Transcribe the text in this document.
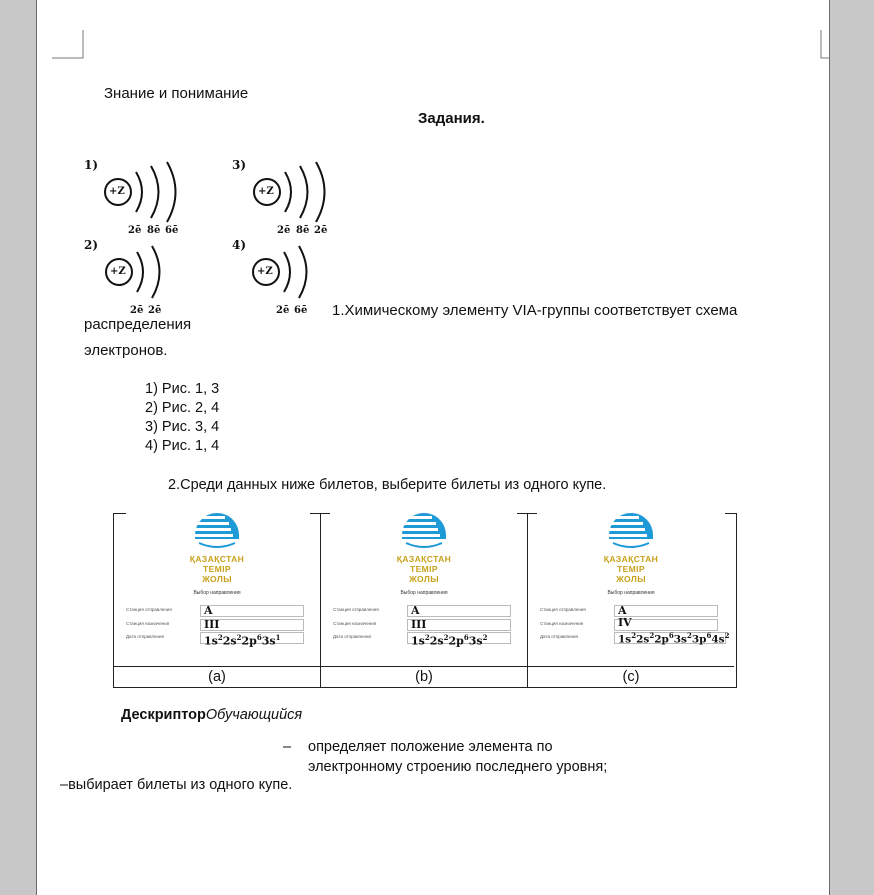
Знание и понимание
Задания.
1)
+Z
2ē 8ē 6ē
3)
+Z
2ē 8ē 2ē
2)
+Z
2ē 2ē
4)
+Z
2ē 6ē 1.Химическому элементу VIA-группы соответствует схема
распределения
электронов.
1) Рис. 1, 3
2) Рис. 2, 4
3) Рис. 3, 4
4) Рис. 1, 4
2.Среди данных ниже билетов, выберите билеты из одного купе.
ҚАЗАҚСТАН
ТЕМІР
ЖОЛЫ
Выбор направления
Станция отправления
Станция назначения
Дата отправления
A
III
$1s^22s^22p^63s^1$
(a)
ҚАЗАҚСТАН
ТЕМІР
ЖОЛЫ
Выбор направления
Станция отправления
Станция назначения
Дата отправления
A
III
$1s^22s^22p^63s^2$
(b)
ҚАЗАҚСТАН
ТЕМІР
ЖОЛЫ
Выбор направления
Станция отправления
Станция назначения
Дата отправления
A
IV
$1s^22s^22p^63s^23p^64s^2$
(c)
ДескрипторОбучающийся
– определяет положение элемента по
электронному строению последнего уровня;
–выбирает билеты из одного купе.
